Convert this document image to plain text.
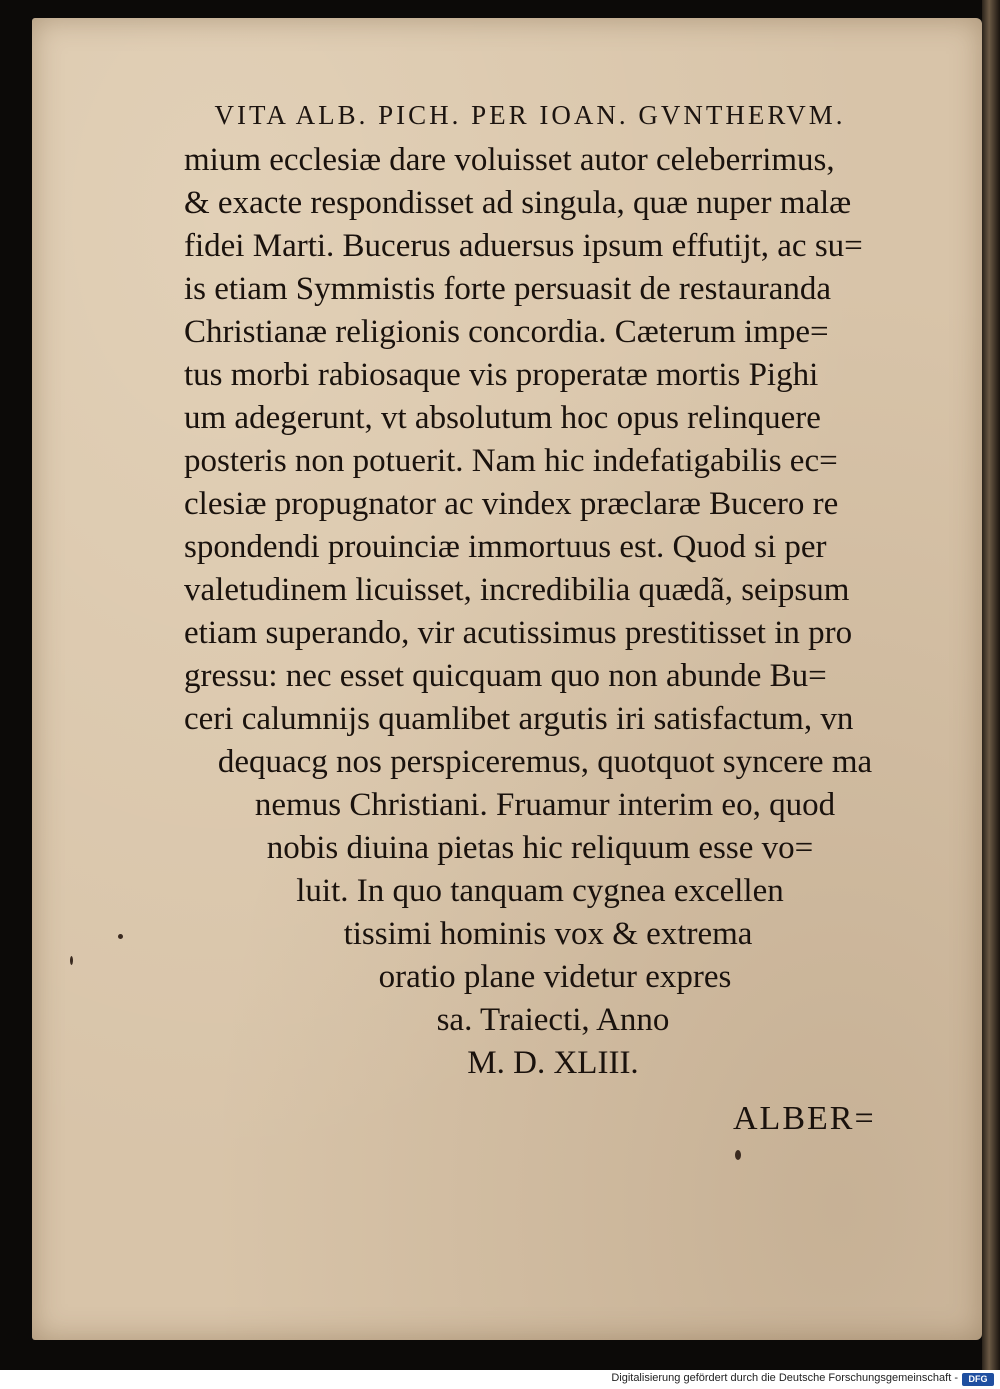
VITA ALB. PICH. PER IOAN. GVNTHERVM.
mium ecclesiæ dare voluisset autor celeberrimus,
& exacte respondisset ad singula, quæ nuper malæ
fidei Marti. Bucerus aduersus ipsum effutijt, ac su=
is etiam Symmistis forte persuasit de restauranda
Christianæ religionis concordia. Cæterum impe=
tus morbi rabiosaque vis properatæ mortis Pighi
um adegerunt, vt absolutum hoc opus relinquere
posteris non potuerit. Nam hic indefatigabilis ec=
clesiæ propugnator ac vindex præclaræ Bucero re
spondendi prouinciæ immortuus est. Quod si per
valetudinem licuisset, incredibilia quædã, seipsum
etiam superando, vir acutissimus prestitisset in pro
gressu: nec esset quicquam quo non abunde Bu=
ceri calumnijs quamlibet argutis iri satisfactum, vn
dequacg nos perspiceremus, quotquot syncere ma
nemus Christiani. Fruamur interim eo, quod
nobis diuina pietas hic reliquum esse vo=
luit. In quo tanquam cygnea excellen
tissimi hominis vox & extrema
oratio plane videtur expres
sa. Traiecti, Anno
M. D. XLIII.
ALBER=
Digitalisierung gefördert durch die Deutsche Forschungsgemeinschaft -	DFG
